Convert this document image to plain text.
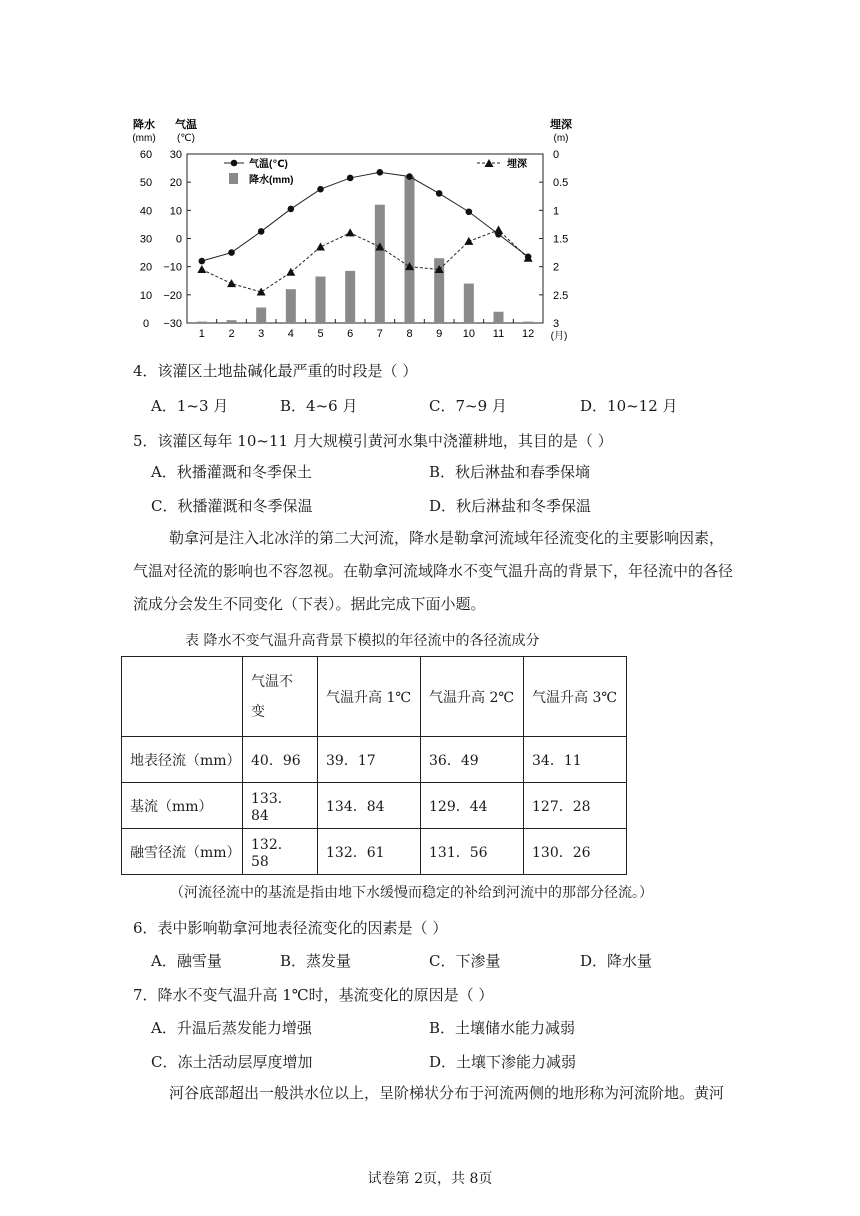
降水
(mm)
气温
(℃)
埋深
(m)
60
50
40
30
20
10
0
30
20
10
0
−10
−20
−30
0
0.5
1
1.5
2
2.5
3
1 2 3 4 5 6 7 8 9 10 11 12 (月)
气温(℃)
降水(mm)
埋深
4．该灌区土地盐碱化最严重的时段是（ ）
A．1~3 月	B．4~6 月	C．7~9 月	D．10~12 月
5．该灌区每年 10~11 月大规模引黄河水集中浇灌耕地，其目的是（ ）
A．秋播灌溉和冬季保土	B．秋后淋盐和春季保墒
C．秋播灌溉和冬季保温	D．秋后淋盐和冬季保温
勒拿河是注入北冰洋的第二大河流，降水是勒拿河流域年径流变化的主要影响因素，
气温对径流的影响也不容忽视。在勒拿河流域降水不变气温升高的背景下，年径流中的各径
流成分会发生不同变化（下表）。据此完成下面小题。
表 降水不变气温升高背景下模拟的年径流中的各径流成分

	气温不
变	气温升高 1℃	气温升高 2℃	气温升高 3℃
地表径流（mm）	40．96	39．17	36．49	34．11
基流（mm）	133．84	134．84	129．44	127．28
融雪径流（mm）	132．58	132．61	131．56	130．26
（河流径流中的基流是指由地下水缓慢而稳定的补给到河流中的那部分径流。）
6．表中影响勒拿河地表径流变化的因素是（ ）
A．融雪量	B．蒸发量	C．下渗量	D．降水量
7．降水不变气温升高 1℃时，基流变化的原因是（ ）
A．升温后蒸发能力增强	B．土壤储水能力减弱
C．冻土活动层厚度增加	D．土壤下渗能力减弱
河谷底部超出一般洪水位以上，呈阶梯状分布于河流两侧的地形称为河流阶地。黄河
试卷第 2页，共 8页
